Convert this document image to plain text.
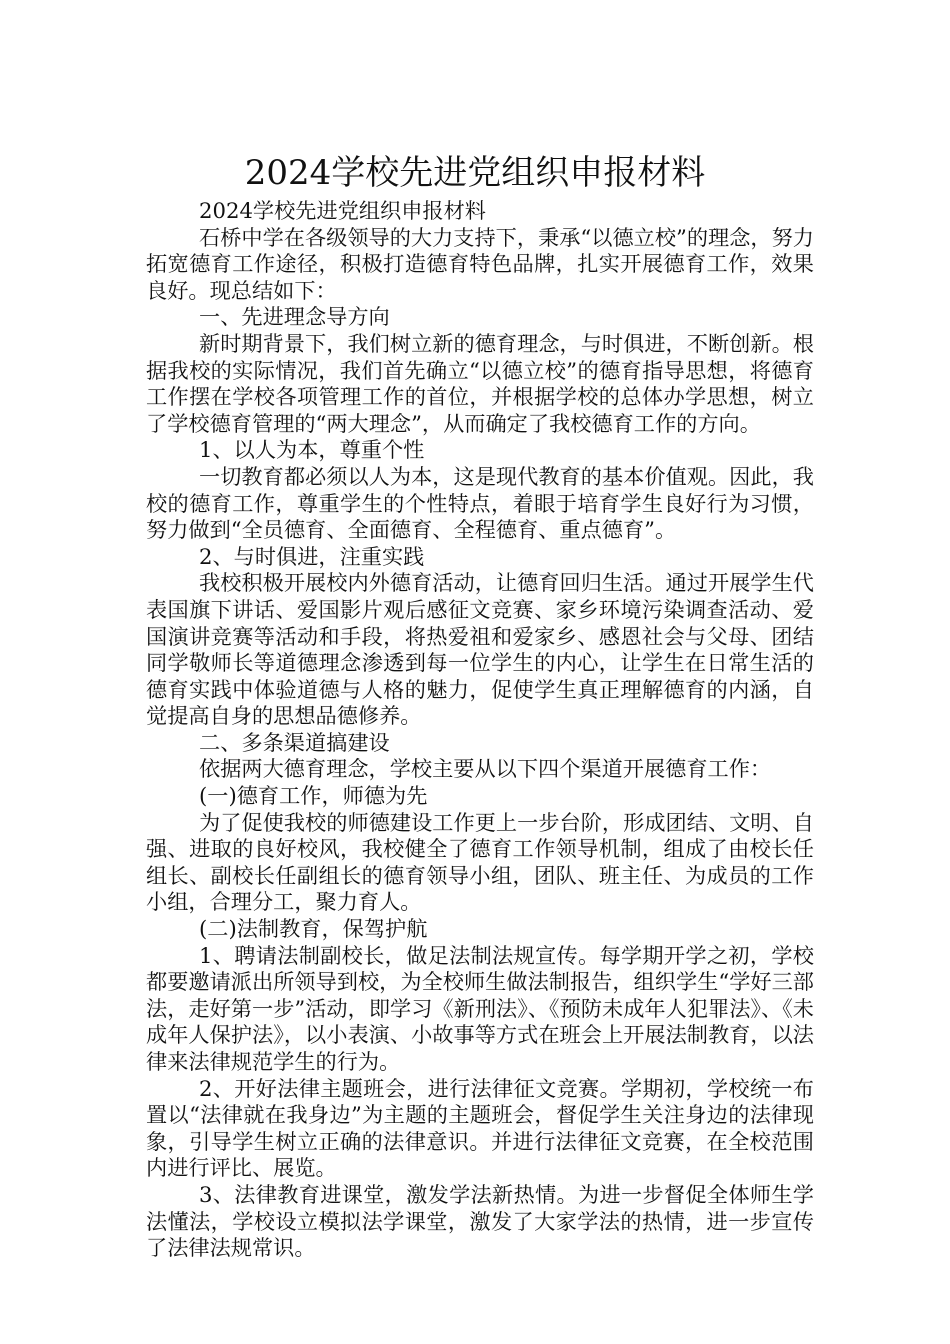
2024学校先进党组织申报材料

2024学校先进党组织申报材料

石桥中学在各级领导的大力支持下，秉承“以德立校”的理念，努力拓宽德育工作途径，积极打造德育特色品牌，扎实开展德育工作，效果良好。现总结如下：

一、先进理念导方向

新时期背景下，我们树立新的德育理念，与时俱进，不断创新。根据我校的实际情况，我们首先确立“以德立校”的德育指导思想，将德育工作摆在学校各项管理工作的首位，并根据学校的总体办学思想，树立了学校德育管理的“两大理念”，从而确定了我校德育工作的方向。

1、以人为本，尊重个性

一切教育都必须以人为本，这是现代教育的基本价值观。因此，我校的德育工作，尊重学生的个性特点，着眼于培育学生良好行为习惯，努力做到“全员德育、全面德育、全程德育、重点德育”。

2、与时俱进，注重实践

我校积极开展校内外德育活动，让德育回归生活。通过开展学生代表国旗下讲话、爱国影片观后感征文竞赛、家乡环境污染调查活动、爱国演讲竞赛等活动和手段，将热爱祖和爱家乡、感恩社会与父母、团结同学敬师长等道德理念渗透到每一位学生的内心，让学生在日常生活的德育实践中体验道德与人格的魅力，促使学生真正理解德育的内涵，自觉提高自身的思想品德修养。

二、多条渠道搞建设

依据两大德育理念，学校主要从以下四个渠道开展德育工作：

(一)德育工作，师德为先

为了促使我校的师德建设工作更上一步台阶，形成团结、文明、自强、进取的良好校风，我校健全了德育工作领导机制，组成了由校长任组长、副校长任副组长的德育领导小组，团队、班主任、为成员的工作小组，合理分工，聚力育人。

(二)法制教育，保驾护航

1、聘请法制副校长，做足法制法规宣传。每学期开学之初，学校都要邀请派出所领导到校，为全校师生做法制报告，组织学生“学好三部法，走好第一步”活动，即学习《新刑法》、《预防未成年人犯罪法》、《未成年人保护法》，以小表演、小故事等方式在班会上开展法制教育，以法律来法律规范学生的行为。

2、开好法律主题班会，进行法律征文竞赛。学期初，学校统一布置以“法律就在我身边”为主题的主题班会，督促学生关注身边的法律现象，引导学生树立正确的法律意识。并进行法律征文竞赛，在全校范围内进行评比、展览。

3、法律教育进课堂，激发学法新热情。为进一步督促全体师生学法懂法，学校设立模拟法学课堂，激发了大家学法的热情，进一步宣传了法律法规常识。
